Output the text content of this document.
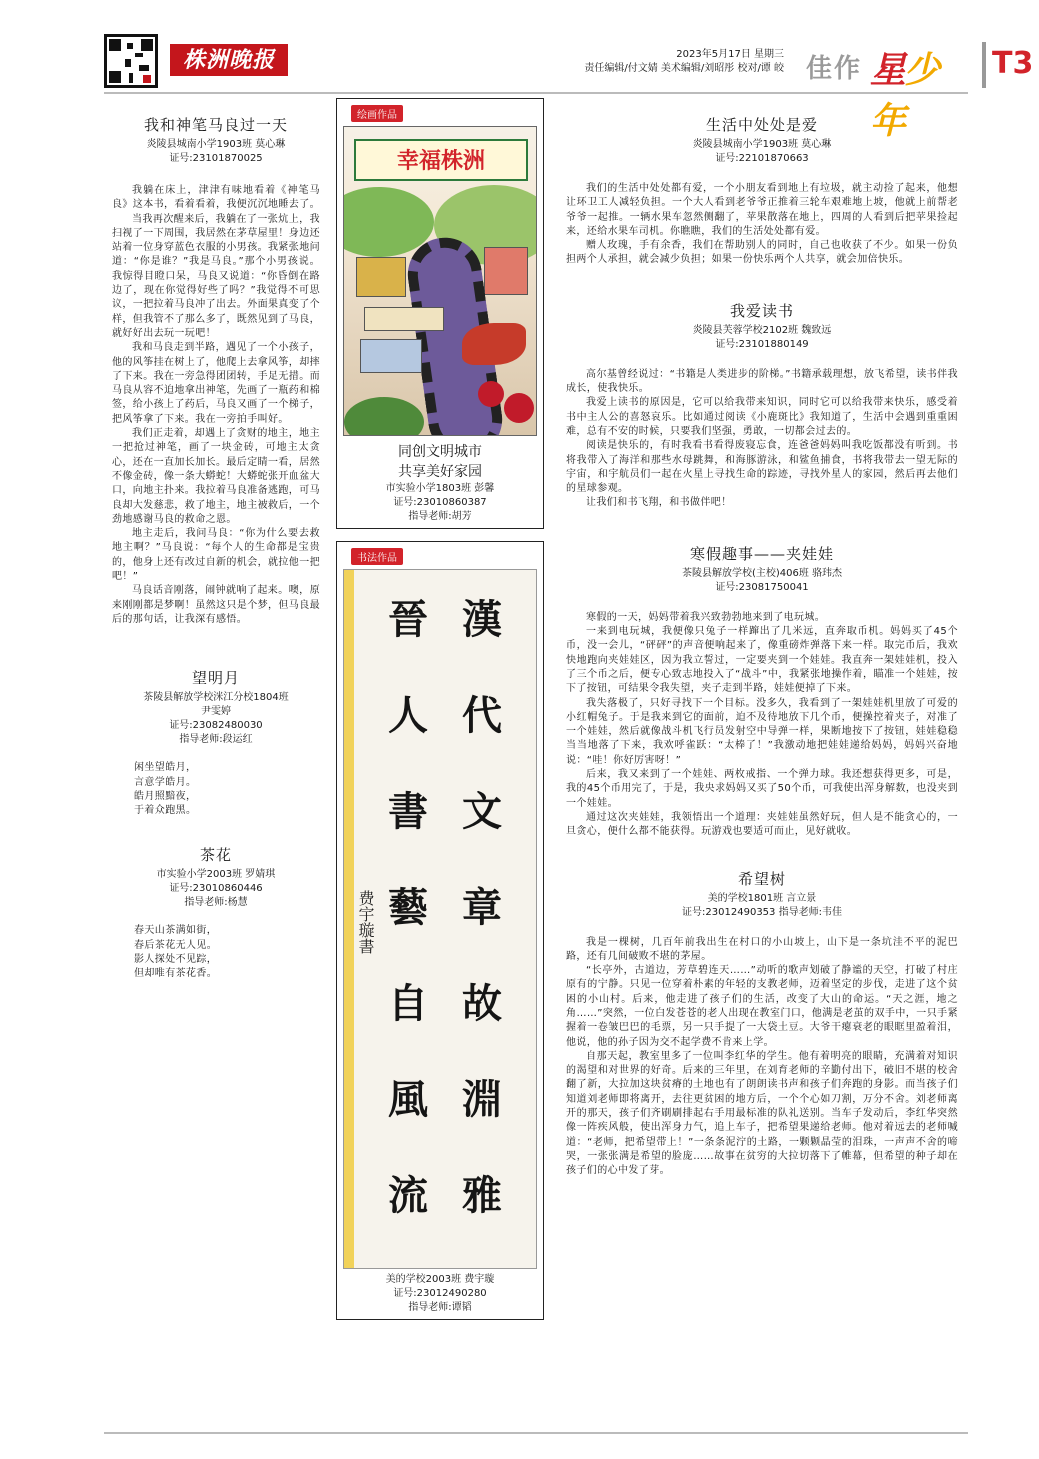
株洲晚报	2023年5月17日 星期三
责任编辑/付文婧 美术编辑/刘昭彤 校对/谭 皎 佳作 星少年
T3
我和神笔马良过一天
炎陵县城南小学1903班 莫心琳
证号:23101870025

我躺在床上，津津有味地看着《神笔马良》这本书，看着看着，我便沉沉地睡去了。

当我再次醒来后，我躺在了一张炕上，我扫视了一下周围，我居然在茅草屋里！身边还站着一位身穿蓝色衣服的小男孩。我紧张地问道：“你是谁？”我是马良。”那个小男孩说。我惊得目瞪口呆，马良又说道：“你昏倒在路边了，现在你觉得好些了吗？”我觉得不可思议，一把拉着马良冲了出去。外面果真变了个样，但我管不了那么多了，既然见到了马良，就好好出去玩一玩吧！

我和马良走到半路，遇见了一个小孩子，他的风筝挂在树上了，他爬上去拿风筝，却摔了下来。我在一旁急得团团转，手足无措。而马良从容不迫地拿出神笔，先画了一瓶药和棉签，给小孩上了药后，马良又画了一个梯子，把风筝拿了下来。我在一旁拍手叫好。

我们正走着，却遇上了贪财的地主，地主一把抢过神笔，画了一块金砖，可地主太贪心，还在一直加长加长。最后定睛一看，居然不像金砖，像一条大蟒蛇！大蟒蛇张开血盆大口，向地主扑来。我拉着马良准备逃跑，可马良却大发慈悲，救了地主，地主被救后，一个劲地感谢马良的救命之恩。

地主走后，我问马良：“你为什么要去救地主啊？”马良说：“每个人的生命都是宝贵的，他身上还有改过自新的机会，就拉他一把吧！”

马良话音刚落，闹钟就响了起来。噢，原来刚刚都是梦啊！虽然这只是个梦，但马良最后的那句话，让我深有感悟。

望明月
茶陵县解放学校洣江分校1804班
尹雯婷
证号:23082480030
指导老师:段运红
闲坐望皓月，
言意学皓月。
皓月照黯夜，
于着众跑黑。
茶花
市实验小学2003班 罗婧琪
证号:23010860446
指导老师:杨慧
春天山茶满如街，
春后茶花无人见。
影人探处不见踪，
但却唯有茶花香。
绘画作品
幸福株洲
同创文明城市
共享美好家园
市实验小学1803班 彭馨
证号:23010860387
指导老师:胡芳
书法作品
漢
代
文
章
故
淵
雅
晉
人
書
藝
自
風
流
费宇璇書
美的学校2003班 费宇璇
证号:23012490280
指导老师:谭韬
生活中处处是爱
炎陵县城南小学1903班 莫心琳
证号:22101870663

我们的生活中处处都有爱，一个小朋友看到地上有垃圾，就主动捡了起来，他想让环卫工人减轻负担。一个大人看到老爷爷正推着三轮车艰难地上坡，他就上前帮老爷爷一起推。一辆水果车忽然侧翻了，苹果散落在地上，四周的人看到后把苹果捡起来，还给水果车司机。你瞧瞧，我们的生活处处都有爱。

赠人玫瑰，手有余香，我们在帮助别人的同时，自己也收获了不少。如果一份负担两个人承担，就会减少负担；如果一份快乐两个人共享，就会加倍快乐。

我爱读书
炎陵县芙蓉学校2102班 魏致远
证号:23101880149

高尔基曾经说过：“书籍是人类进步的阶梯。”书籍承载理想，放飞希望，读书伴我成长，使我快乐。

我爱上读书的原因是，它可以给我带来知识，同时它可以给我带来快乐，感受着书中主人公的喜怒哀乐。比如通过阅读《小鹿斑比》我知道了，生活中会遇到重重困难，总有不安的时候，只要我们坚强，勇敢，一切都会过去的。

阅读是快乐的，有时我看书看得废寝忘食，连爸爸妈妈叫我吃饭都没有听到。书将我带入了海洋和那些水母跳舞，和海豚游泳，和鲨鱼捕食，书将我带去一望无际的宇宙，和宇航员们一起在火星上寻找生命的踪迹，寻找外星人的家园，然后再去他们的星球参观。

让我们和书飞翔，和书做伴吧！

寒假趣事——夹娃娃
茶陵县解放学校(主校)406班 骆玮杰
证号:23081750041

寒假的一天，妈妈带着我兴致勃勃地来到了电玩城。

一来到电玩城，我便像只兔子一样蹿出了几米远，直奔取币机。妈妈买了45个币，没一会儿，“砰砰”的声音便响起来了，像重磅炸弹落下来一样。取完币后，我欢快地跑向夹娃娃区，因为我立誓过，一定要夹到一个娃娃。我直奔一架娃娃机，投入了三个币之后，便专心致志地投入了“战斗”中，我紧张地操作着，瞄准一个娃娃，按下了按钮，可结果令我失望，夹子走到半路，娃娃便掉了下来。

我失落极了，只好寻找下一个目标。没多久，我看到了一架娃娃机里放了可爱的小红帽兔子。于是我来到它的面前，迫不及待地放下几个币，便操控着夹子，对准了一个娃娃，然后就像战斗机飞行员发射空中导弹一样，果断地按下了按钮，娃娃稳稳当当地落了下来，我欢呼雀跃：“太棒了！”我激动地把娃娃递给妈妈，妈妈兴奋地说：“哇！你好厉害呀！”

后来，我又来到了一个娃娃、两枚戒指、一个弹力球。我还想获得更多，可是，我的45个币用完了，于是，我央求妈妈又买了50个币，可我使出浑身解数，也没夹到一个娃娃。

通过这次夹娃娃，我领悟出一个道理：夹娃娃虽然好玩，但人是不能贪心的，一旦贪心，便什么都不能获得。玩游戏也要适可而止，见好就收。

希望树
美的学校1801班 言立景
证号:23012490353 指导老师:韦佳

我是一棵树，几百年前我出生在村口的小山坡上，山下是一条坑洼不平的泥巴路，还有几间破败不堪的茅屋。

“长亭外，古道边，芳草碧连天……”动听的歌声划破了静谧的天空，打破了村庄原有的宁静。只见一位穿着朴素的年轻的支教老师，迈着坚定的步伐，走进了这个贫困的小山村。后来，他走进了孩子们的生活，改变了大山的命运。“天之涯，地之角……”突然，一位白发苍苍的老人出现在教室门口，他满是老茧的双手中，一只手紧握着一卷皱巴巴的毛票，另一只手提了一大袋土豆。大爷干瘪衰老的眼眶里盈着泪，他说，他的孙子因为交不起学费不肯来上学。

自那天起，教室里多了一位叫李红华的学生。他有着明亮的眼睛，充满着对知识的渴望和对世界的好奇。后来的三年里，在刘育老师的辛勤付出下，破旧不堪的校舍翻了新，大拉加这块贫瘠的土地也有了朗朗读书声和孩子们奔跑的身影。而当孩子们知道刘老师即将离开，去往更贫困的地方后，一个个心如刀割，万分不舍。刘老师离开的那天，孩子们齐刷刷排起右手用最标准的队礼送别。当车子发动后，李红华突然像一阵疾风般，使出浑身力气，追上车子，把希望果递给老师。他对着远去的老师喊道：“老师，把希望带上！”一条条泥泞的土路，一颗颗晶莹的泪珠，一声声不舍的啼哭，一张张满是希望的脸庞……故事在贫穷的大拉切落下了帷幕，但希望的种子却在孩子们的心中发了芽。
